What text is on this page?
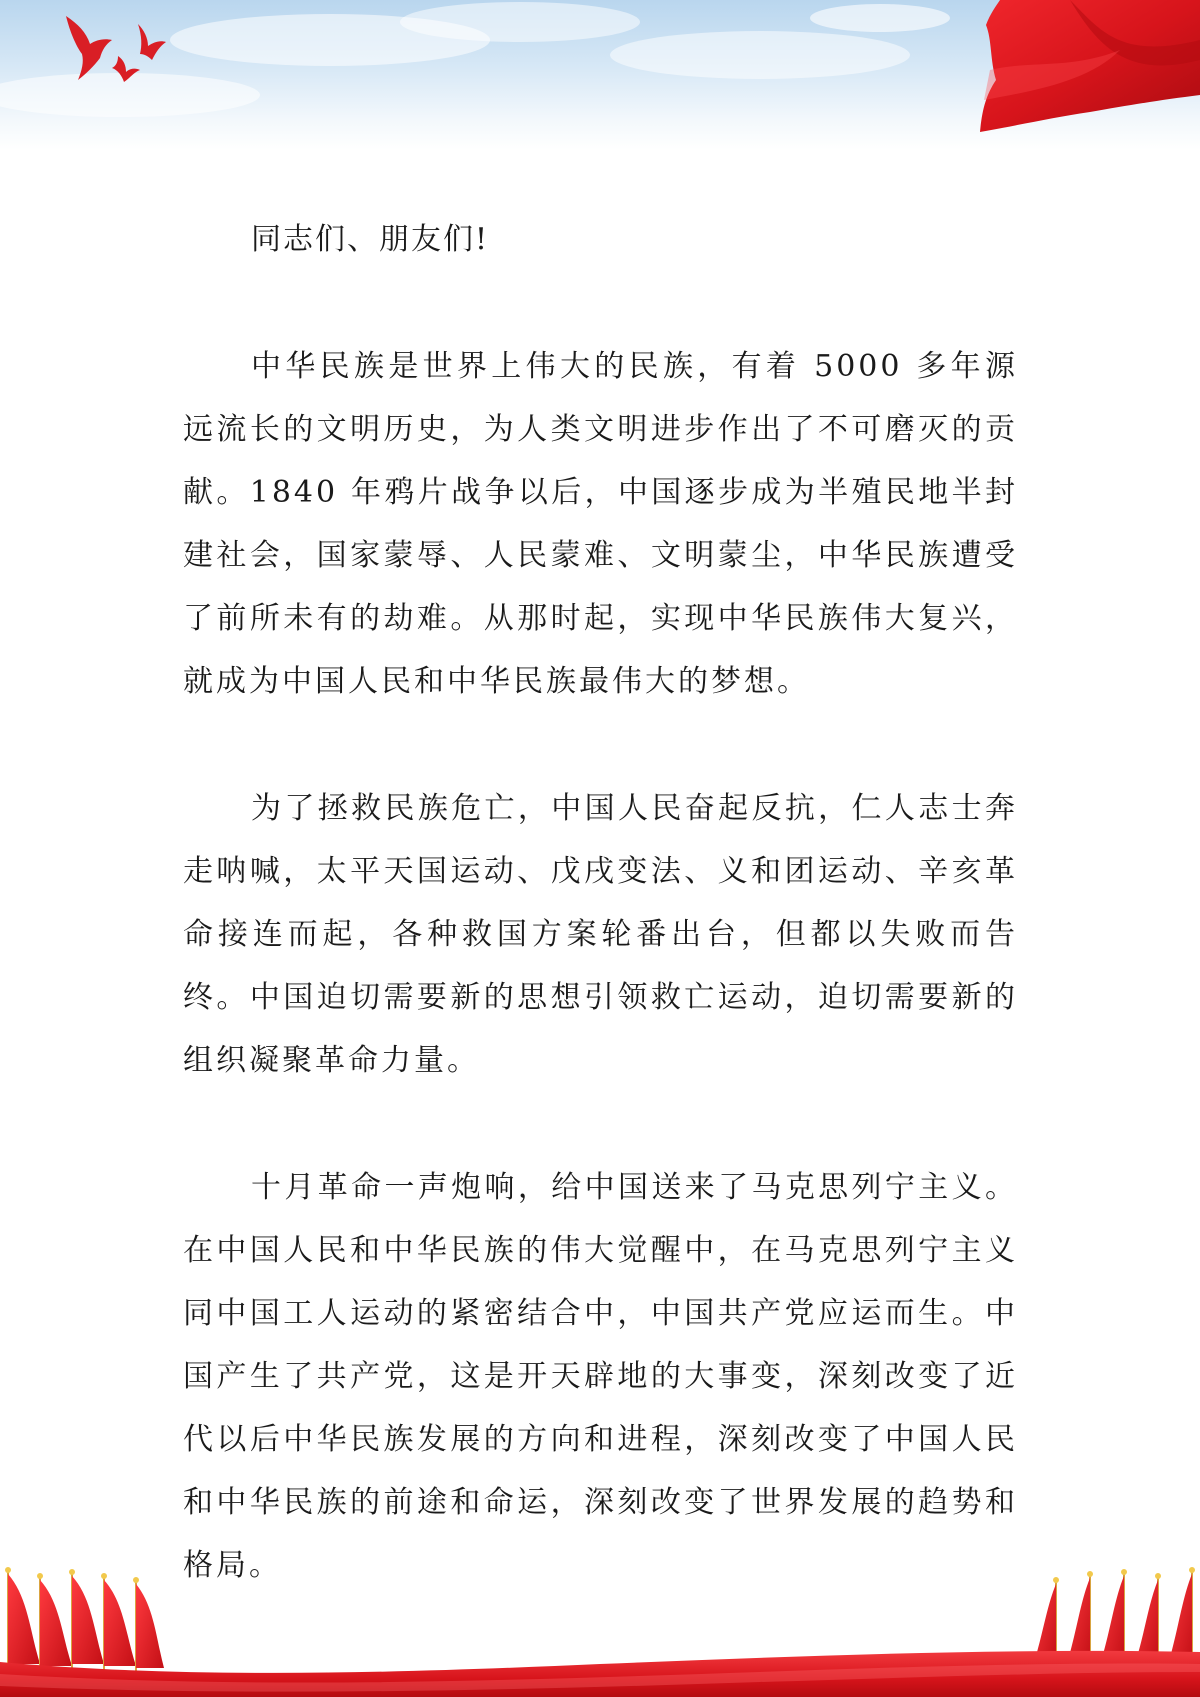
同志们、朋友们!

中华民族是世界上伟大的民族，有着 5000 多年源远流长的文明历史，为人类文明进步作出了不可磨灭的贡献。1840 年鸦片战争以后，中国逐步成为半殖民地半封建社会，国家蒙辱、人民蒙难、文明蒙尘，中华民族遭受了前所未有的劫难。从那时起，实现中华民族伟大复兴，就成为中国人民和中华民族最伟大的梦想。

为了拯救民族危亡，中国人民奋起反抗，仁人志士奔走呐喊，太平天国运动、戊戌变法、义和团运动、辛亥革命接连而起，各种救国方案轮番出台，但都以失败而告终。中国迫切需要新的思想引领救亡运动，迫切需要新的组织凝聚革命力量。

十月革命一声炮响，给中国送来了马克思列宁主义。在中国人民和中华民族的伟大觉醒中，在马克思列宁主义同中国工人运动的紧密结合中，中国共产党应运而生。中国产生了共产党，这是开天辟地的大事变，深刻改变了近代以后中华民族发展的方向和进程，深刻改变了中国人民和中华民族的前途和命运，深刻改变了世界发展的趋势和格局。
